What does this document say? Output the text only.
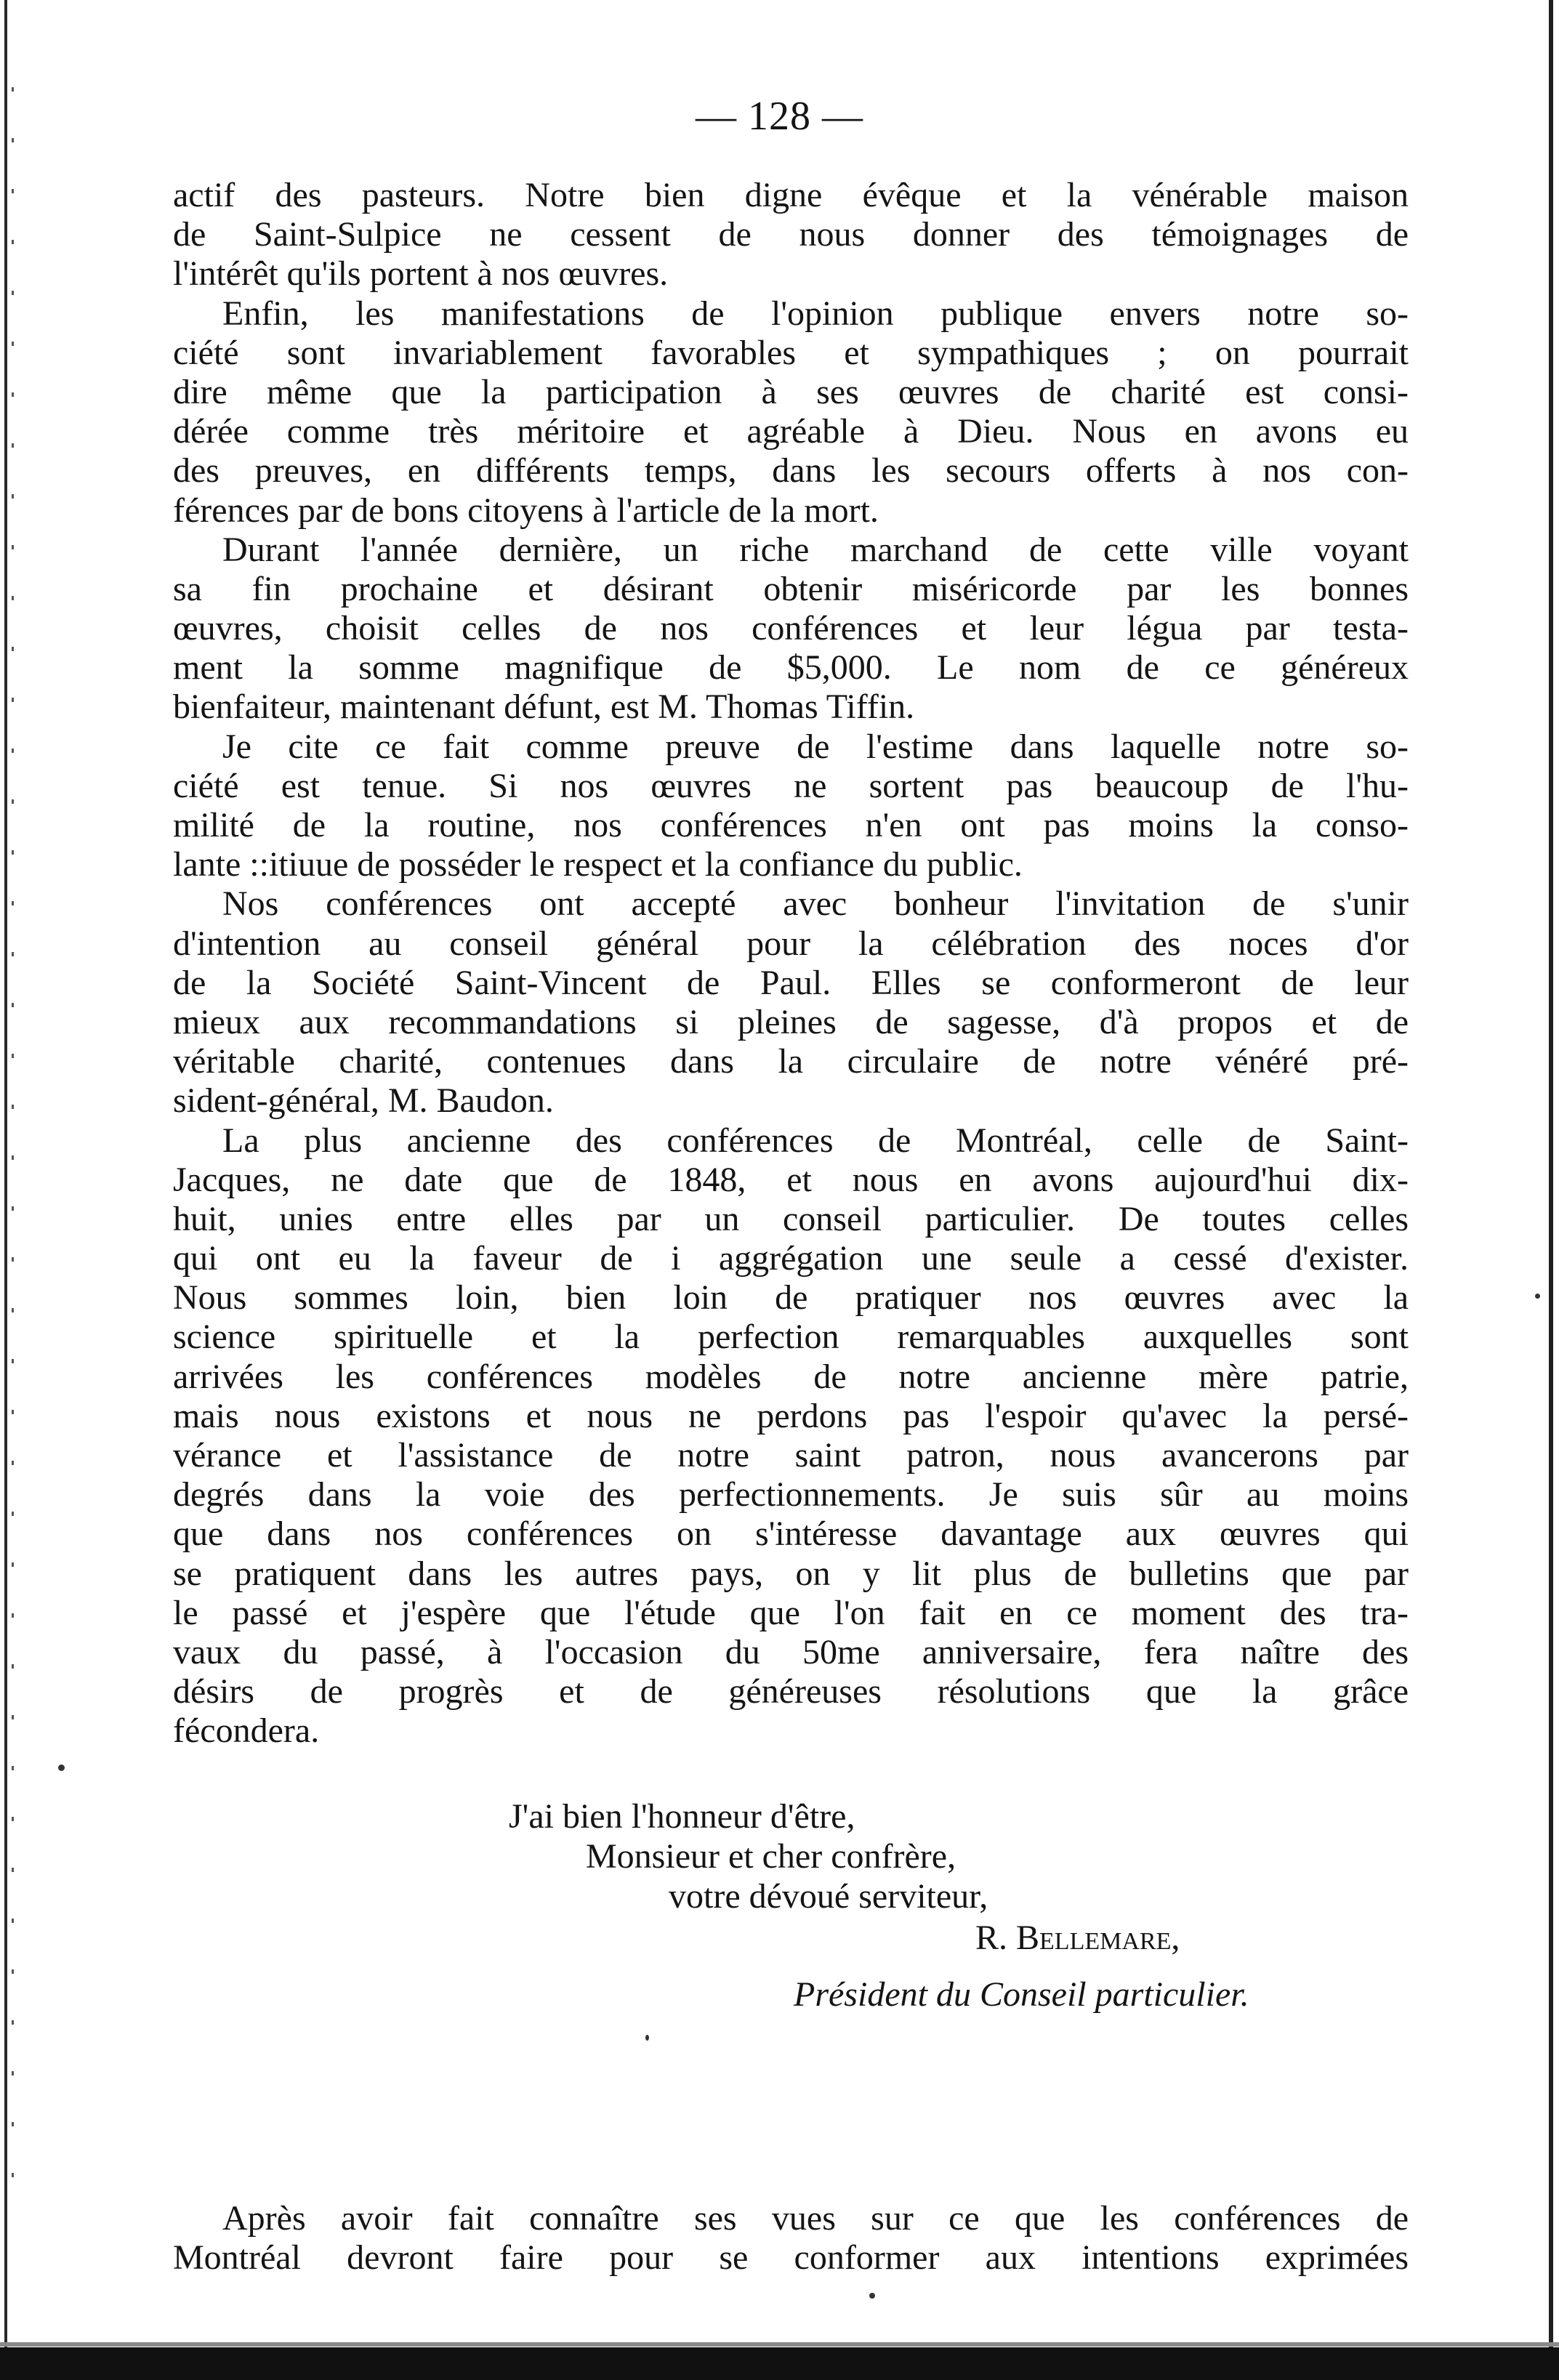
— 128 —
actif des pasteurs. Notre bien digne évêque et la vénérable maison
de Saint-Sulpice ne cessent de nous donner des témoignages de
l'intérêt qu'ils portent à nos œuvres.
Enfin, les manifestations de l'opinion publique envers notre so-
ciété sont invariablement favorables et sympathiques ; on pourrait
dire même que la participation à ses œuvres de charité est consi-
dérée comme très méritoire et agréable à Dieu. Nous en avons eu
des preuves, en différents temps, dans les secours offerts à nos con-
férences par de bons citoyens à l'article de la mort.
Durant l'année dernière, un riche marchand de cette ville voyant
sa fin prochaine et désirant obtenir miséricorde par les bonnes
œuvres, choisit celles de nos conférences et leur légua par testa-
ment la somme magnifique de $5,000. Le nom de ce généreux
bienfaiteur, maintenant défunt, est M. Thomas Tiffin.
Je cite ce fait comme preuve de l'estime dans laquelle notre so-
ciété est tenue. Si nos œuvres ne sortent pas beaucoup de l'hu-
milité de la routine, nos conférences n'en ont pas moins la conso-
lante ::itiuue de posséder le respect et la confiance du public.
Nos conférences ont accepté avec bonheur l'invitation de s'unir
d'intention au conseil général pour la célébration des noces d'or
de la Société Saint-Vincent de Paul. Elles se conformeront de leur
mieux aux recommandations si pleines de sagesse, d'à propos et de
véritable charité, contenues dans la circulaire de notre vénéré pré-
sident-général, M. Baudon.
La plus ancienne des conférences de Montréal, celle de Saint-
Jacques, ne date que de 1848, et nous en avons aujourd'hui dix-
huit, unies entre elles par un conseil particulier. De toutes celles
qui ont eu la faveur de i aggrégation une seule a cessé d'exister.
Nous sommes loin, bien loin de pratiquer nos œuvres avec la
science spirituelle et la perfection remarquables auxquelles sont
arrivées les conférences modèles de notre ancienne mère patrie,
mais nous existons et nous ne perdons pas l'espoir qu'avec la persé-
vérance et l'assistance de notre saint patron, nous avancerons par
degrés dans la voie des perfectionnements. Je suis sûr au moins
que dans nos conférences on s'intéresse davantage aux œuvres qui
se pratiquent dans les autres pays, on y lit plus de bulletins que par
le passé et j'espère que l'étude que l'on fait en ce moment des tra-
vaux du passé, à l'occasion du 50me anniversaire, fera naître des
désirs de progrès et de généreuses résolutions que la grâce
fécondera.
J'ai bien l'honneur d'être,
Monsieur et cher confrère,
votre dévoué serviteur,
R. Bellemare,
Président du Conseil particulier.
Après avoir fait connaître ses vues sur ce que les conférences de
Montréal devront faire pour se conformer aux intentions exprimées
